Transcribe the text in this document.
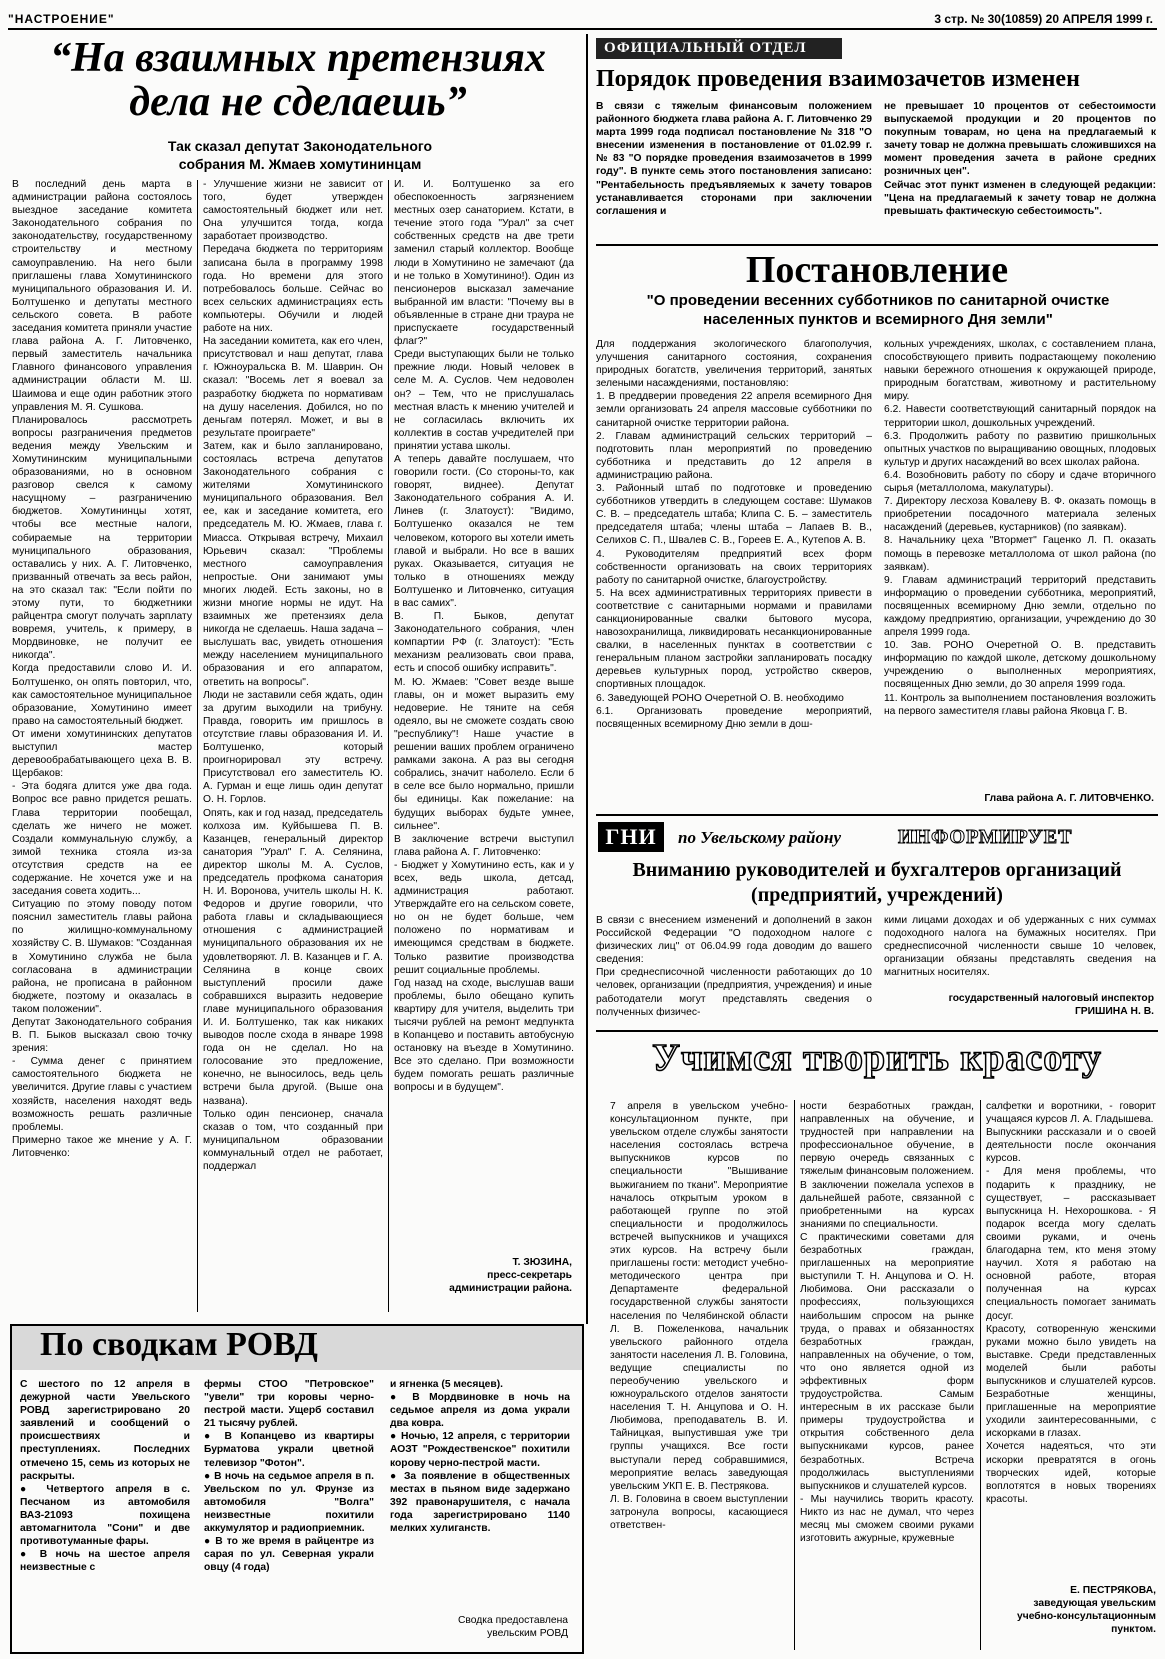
"НАСТРОЕНИЕ"	3 стр. № 30(10859) 20 АПРЕЛЯ 1999 г.
“На взаимных претензиях дела не сделаешь”
Так сказал депутат Законодательного собрания М. Жмаев хомутининцам
В последний день марта в администрации района состоялось выездное заседание комитета Законодательного собрания по законодательству, государственному строительству и местному самоуправлению. На него были приглашены глава Хомутининского муниципального образования И. И. Болтушенко и депутаты местного сельского совета. В работе заседания комитета приняли участие глава района А. Г. Литовченко, первый заместитель начальника Главного финансового управления администрации области М. Ш. Шаимова и еще один работник этого управления М. Я. Сушкова.
Планировалось рассмотреть вопросы разграничения предметов ведения между Увельским и Хомутининским муниципальными образованиями, но в основном разговор свелся к самому насущному – разграничению бюджетов. Хомутининцы хотят, чтобы все местные налоги, собираемые на территории муниципального образования, оставались у них. А. Г. Литовченко, призванный отвечать за весь район, на это сказал так: "Если пойти по этому пути, то бюджетники райцентра смогут получать зарплату вовремя, учитель, к примеру, в Мордвиновке, не получит ее никогда".
Когда предоставили слово И. И. Болтушенко, он опять повторил, что, как самостоятельное муниципальное образование, Хомутинино имеет право на самостоятельный бюджет.
От имени хомутининских депутатов выступил мастер деревообрабатывающего цеха В. В. Щербаков:
- Эта бодяга длится уже два года. Вопрос все равно придется решать. Глава территории пообещал, сделать же ничего не может. Создали коммунальную службу, а зимой техника стояла из-за отсутствия средств на ее содержание. Не хочется уже и на заседания совета ходить...
Ситуацию по этому поводу потом пояснил заместитель главы района по жилищно-коммунальному хозяйству С. В. Шумаков: "Созданная в Хомутинино служба не была согласована в администрации района, не прописана в районном бюджете, поэтому и оказалась в таком положении".
Депутат Законодательного собрания В. П. Быков высказал свою точку зрения:
- Сумма денег с принятием самостоятельного бюджета не увеличится. Другие главы с участием хозяйств, населения находят ведь возможность решать различные проблемы.
Примерно такое же мнение у А. Г. Литовченко:
- Улучшение жизни не зависит от того, будет утвержден самостоятельный бюджет или нет. Она улучшится тогда, когда заработает производство.
Передача бюджета по территориям записана была в программу 1998 года. Но времени для этого потребовалось больше. Сейчас во всех сельских администрациях есть компьютеры. Обучили и людей работе на них.
На заседании комитета, как его член, присутствовал и наш депутат, глава г. Южноуральска В. М. Шаврин. Он сказал: "Восемь лет я воевал за разработку бюджета по нормативам на душу населения. Добился, но по деньгам потерял. Может, и вы в результате проиграете"
Затем, как и было запланировано, состоялась встреча депутатов Законодательного собрания с жителями Хомутининского муниципального образования. Вел ее, как и заседание комитета, его председатель М. Ю. Жмаев, глава г. Миасса. Открывая встречу, Михаил Юрьевич сказал: "Проблемы местного самоуправления непростые. Они занимают умы многих людей. Есть законы, но в жизни многие нормы не идут. На взаимных же претензиях дела никогда не сделаешь. Наша задача – выслушать вас, увидеть отношения между населением муниципального образования и его аппаратом, ответить на вопросы".
Люди не заставили себя ждать, один за другим выходили на трибуну. Правда, говорить им пришлось в отсутствие главы образования И. И. Болтушенко, который проигнорировал эту встречу. Присутствовал его заместитель Ю. А. Гурман и еще лишь один депутат О. Н. Горлов.
Опять, как и год назад, председатель колхоза им. Куйбышева П. В. Казанцев, генеральный директор санатория "Урал" Г. А. Селянина, директор школы М. А. Суслов, председатель профкома санатория Н. И. Воронова, учитель школы Н. К. Федоров и другие говорили, что работа главы и складывающиеся отношения с администрацией муниципального образования их не удовлетворяют. Л. В. Казанцев и Г. А. Селянина в конце своих выступлений просили даже собравшихся выразить недоверие главе муниципального образования И. И. Болтушенко, так как никаких выводов после схода в январе 1998 года он не сделал. Но на голосование это предложение, конечно, не выносилось, ведь цель встречи была другой. (Выше она названа).
Только один пенсионер, сначала сказав о том, что созданный при муниципальном образовании коммунальный отдел не работает, поддержал
И. И. Болтушенко за его обеспокоенность загрязнением местных озер санаторием. Кстати, в течение этого года "Урал" за счет собственных средств на две трети заменил старый коллектор. Вообще люди в Хомутинино не замечают (да и не только в Хомутинино!). Один из пенсионеров высказал замечание выбранной им власти: "Почему вы в объявленные в стране дни траура не приспускаете государственный флаг?"
Среди выступающих были не только прежние люди. Новый человек в селе М. А. Суслов. Чем недоволен он? – Тем, что не прислушалась местная власть к мнению учителей и не согласилась включить их коллектив в состав учредителей при принятии устава школы.
А теперь давайте послушаем, что говорили гости. (Со стороны-то, как говорят, виднее). Депутат Законодательного собрания А. И. Линев (г. Златоуст): "Видимо, Болтушенко оказался не тем человеком, которого вы хотели иметь главой и выбрали. Но все в ваших руках. Оказывается, ситуация не только в отношениях между Болтушенко и Литовченко, ситуация в вас самих".
В. П. Быков, депутат Законодательного собрания, член компартии РФ (г. Златоуст): "Есть механизм реализовать свои права, есть и способ ошибку исправить".
М. Ю. Жмаев: "Совет везде выше главы, он и может выразить ему недоверие. Не тяните на себя одеяло, вы не сможете создать свою "республику"! Наше участие в решении ваших проблем ограничено рамками закона. А раз вы сегодня собрались, значит наболело. Если б в селе все было нормально, пришли бы единицы. Как пожелание: на будущих выборах будьте умнее, сильнее".
В заключение встречи выступил глава района А. Г. Литовченко:
- Бюджет у Хомутинино есть, как и у всех, ведь школа, детсад, администрация работают. Утверждайте его на сельском совете, но он не будет больше, чем положено по нормативам и имеющимся средствам в бюджете. Только развитие производства решит социальные проблемы.
Год назад на сходе, выслушав ваши проблемы, было обещано купить квартиру для учителя, выделить три тысячи рублей на ремонт медпункта в Копанцево и поставить автобусную остановку на въезде в Хомутинино. Все это сделано. При возможности будем помогать решать различные вопросы и в будущем".
Т. ЗЮЗИНА,
пресс-секретарь
администрации района.
ОФИЦИАЛЬНЫЙ ОТДЕЛ
Порядок проведения взаимозачетов изменен
В связи с тяжелым финансовым положением районного бюджета глава района А. Г. Литовченко 29 марта 1999 года подписал постановление № 318 "О внесении изменения в постановление от 01.02.99 г. № 83 "О порядке проведения взаимозачетов в 1999 году". В пункте семь этого постановления записано: "Рентабельность предъявляемых к зачету товаров устанавливается сторонами при заключении соглашения и
не превышает 10 процентов от себестоимости выпускаемой продукции и 20 процентов по покупным товарам, но цена на предлагаемый к зачету товар не должна превышать сложившихся на момент проведения зачета в районе средних розничных цен".
Сейчас этот пункт изменен в следующей редакции: "Цена на предлагаемый к зачету товар не должна превышать фактическую себестоимость".
Постановление
"О проведении весенних субботников по санитарной очистке населенных пунктов и всемирного Дня земли"
Для поддержания экологического благополучия, улучшения санитарного состояния, сохранения природных богатств, увеличения территорий, занятых зелеными насаждениями, постановляю:
1. В преддверии проведения 22 апреля всемирного Дня земли организовать 24 апреля массовые субботники по санитарной очистке территории района.
2. Главам администраций сельских территорий – подготовить план мероприятий по проведению субботника и представить до 12 апреля в администрацию района.
3. Районный штаб по подготовке и проведению субботников утвердить в следующем составе: Шумаков С. В. – председатель штаба; Клипа С. Б. – заместитель председателя штаба; члены штаба – Лапаев В. В., Селихов С. П., Швалев С. В., Гореев Е. А., Кутепов А. В.
4. Руководителям предприятий всех форм собственности организовать на своих территориях работу по санитарной очистке, благоустройству.
5. На всех административных территориях привести в соответствие с санитарными нормами и правилами санкционированные свалки бытового мусора, навозохранилища, ликвидировать несанкционированные свалки, в населенных пунктах в соответствии с генеральным планом застройки запланировать посадку деревьев культурных пород, устройство скверов, спортивных площадок.
6. Заведующей РОНО Очеретной О. В. необходимо
6.1. Организовать проведение мероприятий, посвященных всемирному Дню земли в дош-
кольных учреждениях, школах, с составлением плана, способствующего привить подрастающему поколению навыки бережного отношения к окружающей природе, природным богатствам, животному и растительному миру.
6.2. Навести соответствующий санитарный порядок на территории школ, дошкольных учреждений.
6.3. Продолжить работу по развитию пришкольных опытных участков по выращиванию овощных, плодовых культур и других насаждений во всех школах района.
6.4. Возобновить работу по сбору и сдаче вторичного сырья (металлолома, макулатуры).
7. Директору лесхоза Ковалеву В. Ф. оказать помощь в приобретении посадочного материала зеленых насаждений (деревьев, кустарников) (по заявкам).
8. Начальнику цеха "Втормет" Гаценко Л. П. оказать помощь в перевозке металлолома от школ района (по заявкам).
9. Главам администраций территорий представить информацию о проведении субботника, мероприятий, посвященных всемирному Дню земли, отдельно по каждому предприятию, организации, учреждению до 30 апреля 1999 года.
10. Зав. РОНО Очеретной О. В. представить информацию по каждой школе, детскому дошкольному учреждению о выполненных мероприятиях, посвященных Дню земли, до 30 апреля 1999 года.
11. Контроль за выполнением постановления возложить на первого заместителя главы района Яковца Г. В.
Глава района А. Г. ЛИТОВЧЕНКО.
ГНИ	по Увельскому району	ИНФОРМИРУЕТ
Вниманию руководителей и бухгалтеров организаций (предприятий, учреждений)
В связи с внесением изменений и дополнений в закон Российской Федерации "О подоходном налоге с физических лиц" от 06.04.99 года доводим до вашего сведения:
При среднесписочной численности работающих до 10 человек, организации (предприятия, учреждения) и иные работодатели могут представлять сведения о полученных физичес-
кими лицами доходах и об удержанных с них суммах подоходного налога на бумажных носителях. При среднесписочной численности свыше 10 человек, организации обязаны представлять сведения на магнитных носителях.
государственный налоговый инспектор
ГРИШИНА Н. В.
Учимся творить красоту
7 апреля в увельском учебно-консультационном пункте, при увельском отделе службы занятости населения состоялась встреча выпускников курсов по специальности "Вышивание выжиганием по ткани". Мероприятие началось открытым уроком в работающей группе по этой специальности и продолжилось встречей выпускников и учащихся этих курсов. На встречу были приглашены гости: методист учебно-методического центра при Департаменте федеральной государственной службы занятости населения по Челябинской области Л. В. Пожеленкова, начальник увельского районного отдела занятости населения Л. В. Головина, ведущие специалисты по переобучению увельского и южноуральского отделов занятости населения Т. Н. Анцупова и О. Н. Любимова, преподаватель В. И. Тайницкая, выпустившая уже три группы учащихся. Все гости выступали перед собравшимися, мероприятие велась заведующая увельским УКП Е. В. Пестрякова.
Л. В. Головина в своем выступлении затронула вопросы, касающиеся ответствен-
ности безработных граждан, направленных на обучение, и трудностей при направлении на профессиональное обучение, в первую очередь связанных с тяжелым финансовым положением. В заключении пожелала успехов в дальнейшей работе, связанной с приобретенными на курсах знаниями по специальности.
С практическими советами для безработных граждан, приглашенных на мероприятие выступили Т. Н. Анцупова и О. Н. Любимова. Они рассказали о профессиях, пользующихся наибольшим спросом на рынке труда, о правах и обязанностях безработных граждан, направленных на обучение, о том, что оно является одной из эффективных форм трудоустройства. Самым интересным в их рассказе были примеры трудоустройства и открытия собственного дела выпускниками курсов, ранее безработных. Встреча продолжилась выступлениями выпускников и слушателей курсов.
- Мы научились творить красоту. Никто из нас не думал, что через месяц мы сможем своими руками изготовить ажурные, кружевные
салфетки и воротники, - говорит учащаяся курсов Л. А. Гладышева.
Выпускники рассказали и о своей деятельности после окончания курсов.
- Для меня проблемы, что подарить к празднику, не существует, – рассказывает выпускница Н. Нехорошкова. - Я подарок всегда могу сделать своими руками, и очень благодарна тем, кто меня этому научил. Хотя я работаю на основной работе, вторая полученная на курсах специальность помогает занимать досуг.
Красоту, сотворенную женскими руками можно было увидеть на выставке. Среди представленных моделей были работы выпускников и слушателей курсов. Безработные женщины, приглашенные на мероприятие уходили заинтересованными, с искорками в глазах.
Хочется надеяться, что эти искорки превратятся в огонь творческих идей, которые воплотятся в новых творениях красоты.
Е. ПЕСТРЯКОВА,
заведующая увельским
учебно-консультационным пунктом.
По сводкам РОВД
С шестого по 12 апреля в дежурной части Увельского РОВД зарегистрировано 20 заявлений и сообщений о происшествиях и преступлениях. Последних отмечено 15, семь из которых не раскрыты.
● Четвертого апреля в с. Песчаном из автомобиля ВАЗ-21093 похищена автомагнитола "Сони" и две противотуманные фары.
● В ночь на шестое апреля неизвестные с
фермы СТОО "Петровское" "увели" три коровы черно-пестрой масти. Ущерб составил 21 тысячу рублей.
● В Копанцево из квартиры Бурматова украли цветной телевизор "Фотон".
● В ночь на седьмое апреля в п. Увельском по ул. Фрунзе из автомобиля "Волга" неизвестные похитили аккумулятор и радиоприемник.
● В то же время в райцентре из сарая по ул. Северная украли овцу (4 года)
и ягненка (5 месяцев).
● В Мордвиновке в ночь на седьмое апреля из дома украли два ковра.
● Ночью, 12 апреля, с территории АОЗТ "Рождественское" похитили корову черно-пестрой масти.
● За появление в общественных местах в пьяном виде задержано 392 правонарушителя, с начала года зарегистрировано 1140 мелких хулиганств.
Сводка предоставлена
увельским РОВД
